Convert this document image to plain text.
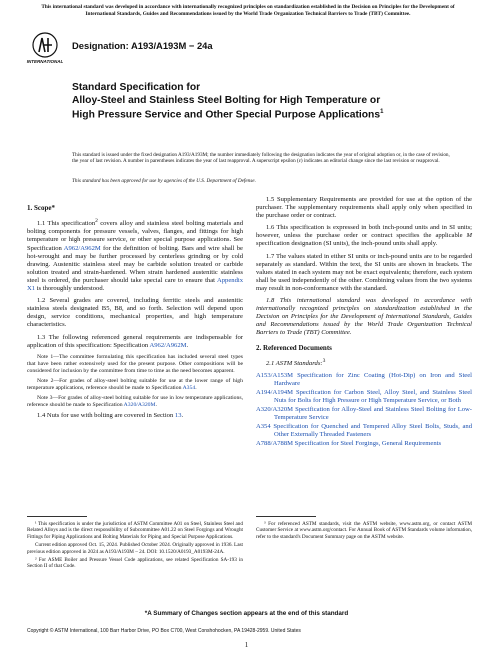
This international standard was developed in accordance with internationally recognized principles on standardization established in the Decision on Principles for the Development of International Standards, Guides and Recommendations issued by the World Trade Organization Technical Barriers to Trade (TBT) Committee.
INTERNATIONAL
Designation: A193/A193M − 24a
Standard Specification for
Alloy-Steel and Stainless Steel Bolting for High Temperature or High Pressure Service and Other Special Purpose Applications$^1$
This standard is issued under the fixed designation A193/A193M; the number immediately following the designation indicates the year of original adoption or, in the case of revision, the year of last revision. A number in parentheses indicates the year of last reapproval. A superscript epsilon (ε) indicates an editorial change since the last revision or reapproval.
This standard has been approved for use by agencies of the U.S. Department of Defense.
1. Scope*

1.1 This specification$^2$ covers alloy and stainless steel bolting materials and bolting components for pressure vessels, valves, flanges, and fittings for high temperature or high pressure service, or other special purpose applications. See Specification A962/A962M for the definition of bolting. Bars and wire shall be hot-wrought and may be further processed by centerless grinding or by cold drawing. Austenitic stainless steel may be carbide solution treated or carbide solution treated and strain-hardened. When strain hardened austenitic stainless steel is ordered, the purchaser should take special care to ensure that Appendix X1 is thoroughly understood.

1.2 Several grades are covered, including ferritic steels and austenitic stainless steels designated B5, B8, and so forth. Selection will depend upon design, service conditions, mechanical properties, and high temperature characteristics.

1.3 The following referenced general requirements are indispensable for application of this specification: Specification A962/A962M.

Note 1—The committee formulating this specification has included several steel types that have been rather extensively used for the present purpose. Other compositions will be considered for inclusion by the committee from time to time as the need becomes apparent.

Note 2—For grades of alloy-steel bolting suitable for use at the lower range of high temperature applications, reference should be made to Specification A354.

Note 3—For grades of alloy-steel bolting suitable for use in low temperature applications, reference should be made to Specification A320/A320M.

1.4 Nuts for use with bolting are covered in Section 13.

1.5 Supplementary Requirements are provided for use at the option of the purchaser. The supplementary requirements shall apply only when specified in the purchase order or contract.

1.6 This specification is expressed in both inch-pound units and in SI units; however, unless the purchase order or contract specifies the applicable M specification designation (SI units), the inch-pound units shall apply.

1.7 The values stated in either SI units or inch-pound units are to be regarded separately as standard. Within the text, the SI units are shown in brackets. The values stated in each system may not be exact equivalents; therefore, each system shall be used independently of the other. Combining values from the two systems may result in non-conformance with the standard.

1.8 This international standard was developed in accordance with internationally recognized principles on standardization established in the Decision on Principles for the Development of International Standards, Guides and Recommendations issued by the World Trade Organization Technical Barriers to Trade (TBT) Committee.

2. Referenced Documents

2.1 ASTM Standards:$^3$

A153/A153M Specification for Zinc Coating (Hot-Dip) on Iron and Steel Hardware
A194/A194M Specification for Carbon Steel, Alloy Steel, and Stainless Steel Nuts for Bolts for High Pressure or High Temperature Service, or Both
A320/A320M Specification for Alloy-Steel and Stainless Steel Bolting for Low-Temperature Service
A354 Specification for Quenched and Tempered Alloy Steel Bolts, Studs, and Other Externally Threaded Fasteners
A788/A788M Specification for Steel Forgings, General Requirements

¹ This specification is under the jurisdiction of ASTM Committee A01 on Steel, Stainless Steel and Related Alloys and is the direct responsibility of Subcommittee A01.22 on Steel Forgings and Wrought Fittings for Piping Applications and Bolting Materials for Piping and Special Purpose Applications.

Current edition approved Oct. 15, 2024. Published October 2024. Originally approved in 1936. Last previous edition approved in 2024 as A193/A193M – 24. DOI: 10.1520/A0193_A0193M-24A.

² For ASME Boiler and Pressure Vessel Code applications, see related Specification SA-193 in Section II of that Code.

³ For referenced ASTM standards, visit the ASTM website, www.astm.org, or contact ASTM Customer Service at www.astm.org/contact. For Annual Book of ASTM Standards volume information, refer to the standard's Document Summary page on the ASTM website.

*A Summary of Changes section appears at the end of this standard
Copyright © ASTM International, 100 Barr Harbor Drive, PO Box C700, West Conshohocken, PA 19428-2959. United States
1
